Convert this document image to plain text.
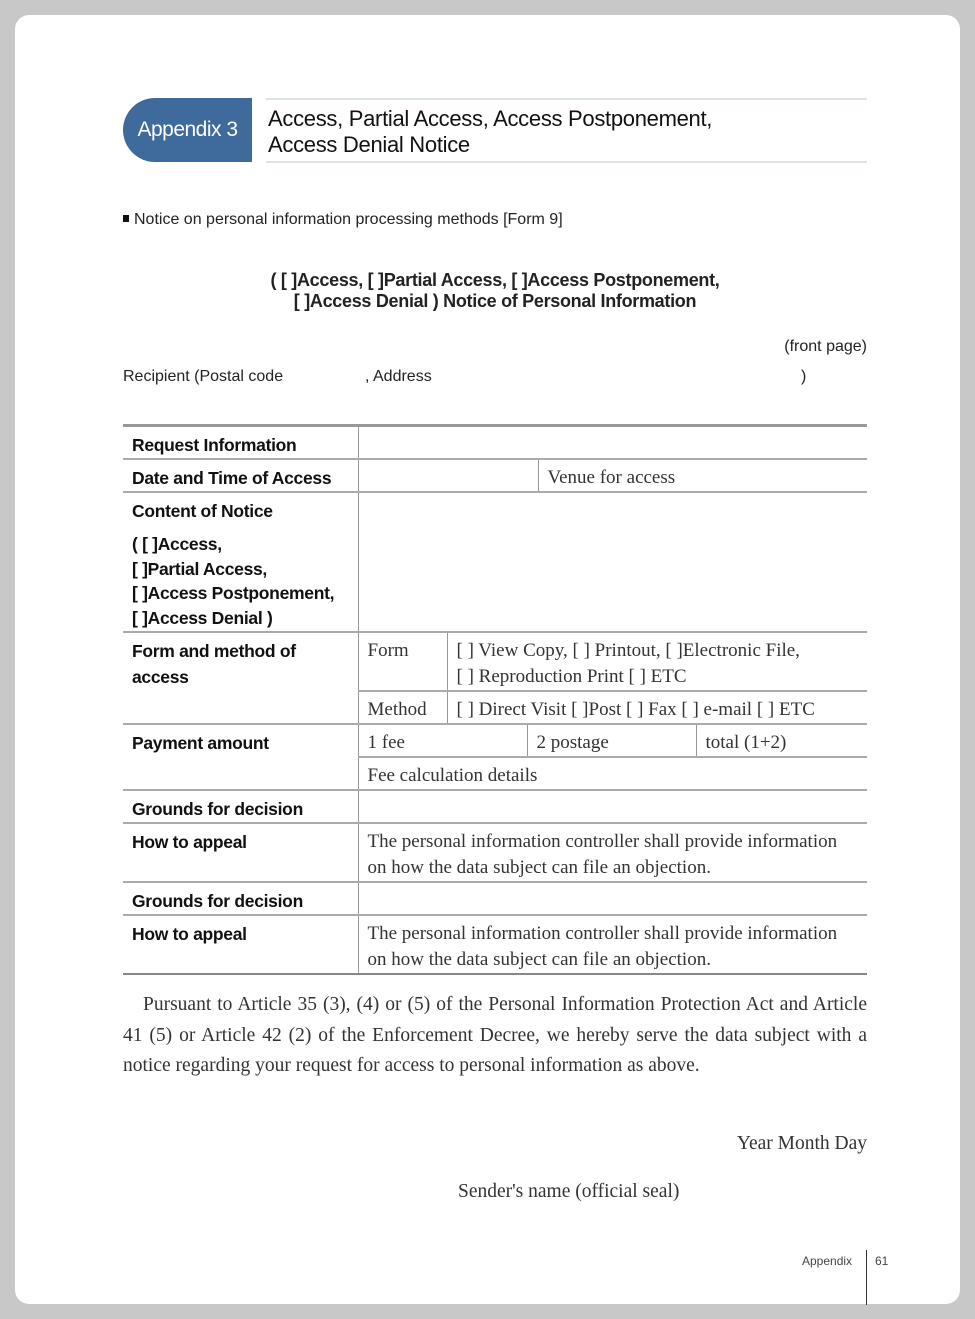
Appendix 3	Access, Partial Access, Access Postponement,
Access Denial Notice
Notice on personal information processing methods [Form 9]
( [ ]Access, [ ]Partial Access, [ ]Access Postponement,
[ ]Access Denial ) Notice of Personal Information
(front page)
Recipient (Postal code	, Address	)
Request Information					
Date and Time of Access				Venue for access	

Content of Notice
( [ ]Access,
[ ]Partial Access,
[ ]Access Postponement,
[ ]Access Denial )					

Form and method of access	Form	[ ] View Copy, [ ] Printout, [ ]Electronic File,
[ ] Reproduction Print [ ] ETC			

	Method	[ ] Direct Visit [ ]Post [ ] Fax [ ] e-mail [ ] ETC			
Payment amount	1 fee		2 postage		total (1+2)
	Fee calculation details				
Grounds for decision					
How to appeal	The personal information controller shall provide information on how the data subject can file an objection.				
Grounds for decision					
How to appeal	The personal information controller shall provide information on how the data subject can file an objection.				
Pursuant to Article 35 (3), (4) or (5) of the Personal Information Protection Act and Article 41 (5) or Article 42 (2) of the Enforcement Decree, we hereby serve the data subject with a notice regarding your request for access to personal information as above.
Year Month Day
Sender's name (official seal)
Appendix 61
